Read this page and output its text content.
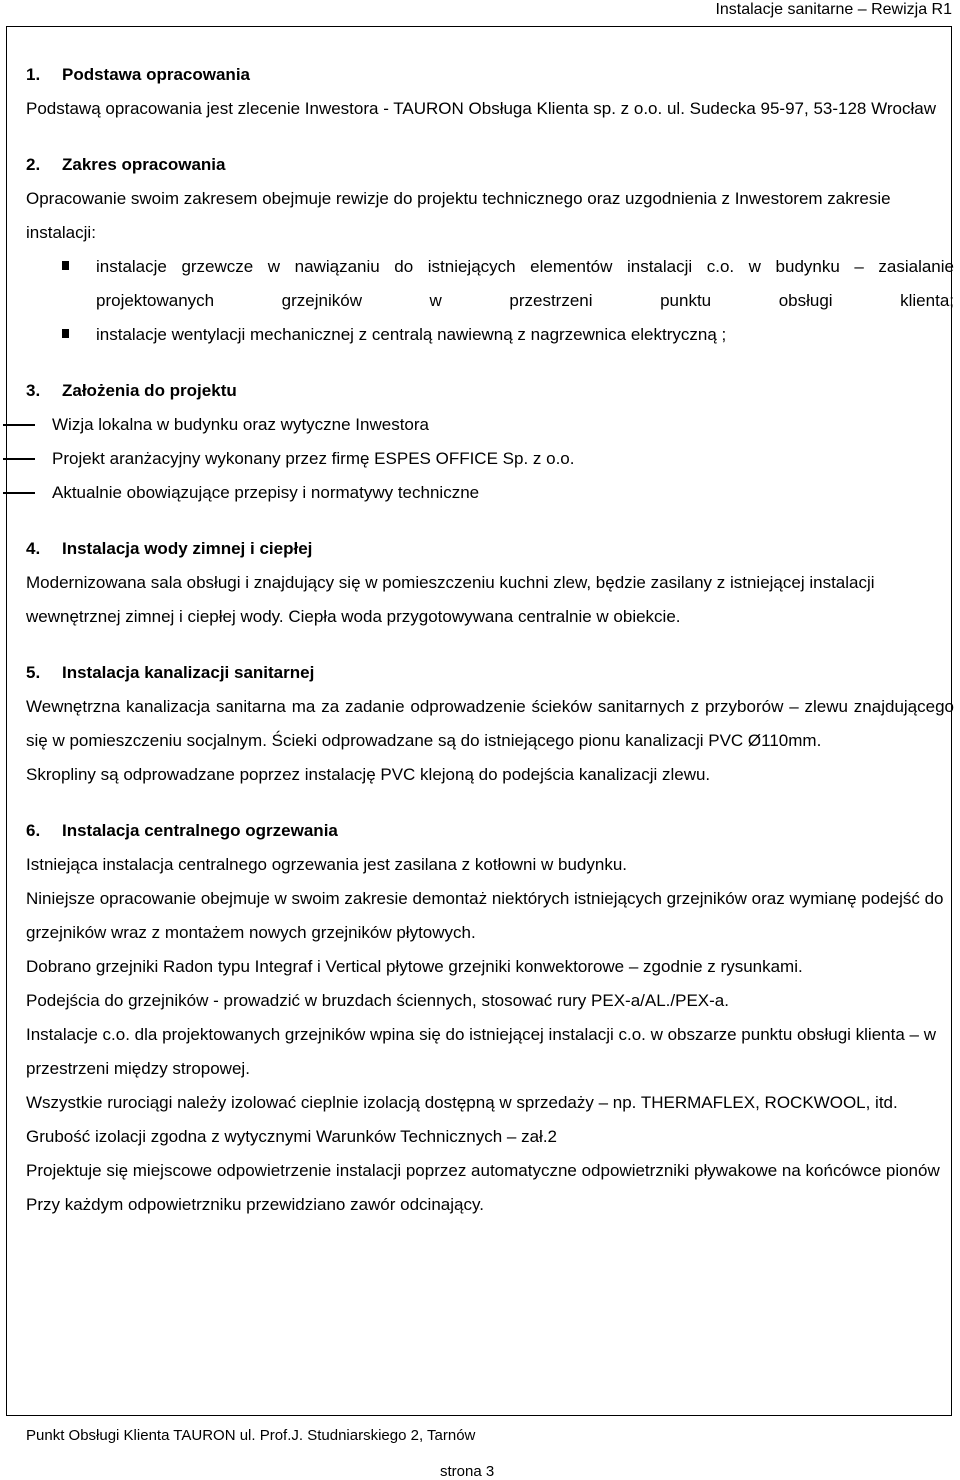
Instalacje sanitarne – Rewizja R1

1. Podstawa opracowania

Podstawą opracowania jest zlecenie Inwestora - TAURON Obsługa Klienta sp. z o.o. ul. Sudecka 95-97, 53-128 Wrocław

2. Zakres opracowania

Opracowanie swoim zakresem obejmuje rewizje do projektu technicznego oraz uzgodnienia z Inwestorem zakresie instalacji:

instalacje grzewcze w nawiązaniu do istniejących elementów instalacji c.o. w budynku – zasialanie projektowanych grzejników w przestrzeni punktu obsługi klienta;
instalacje wentylacji mechanicznej z centralą nawiewną z nagrzewnica elektryczną ;

3. Założenia do projektu

Wizja lokalna w budynku oraz wytyczne Inwestora
Projekt aranżacyjny wykonany przez firmę ESPES OFFICE Sp. z o.o.
Aktualnie obowiązujące przepisy i normatywy techniczne

4. Instalacja wody zimnej i ciepłej

Modernizowana sala obsługi i znajdujący się w pomieszczeniu kuchni zlew, będzie zasilany z istniejącej instalacji wewnętrznej zimnej i ciepłej wody. Ciepła woda przygotowywana centralnie w obiekcie.

5. Instalacja kanalizacji sanitarnej

Wewnętrzna kanalizacja sanitarna ma za zadanie odprowadzenie ścieków sanitarnych z przyborów – zlewu znajdującego się w pomieszczeniu socjalnym. Ścieki odprowadzane są do istniejącego pionu kanalizacji PVC Ø110mm.

Skropliny są odprowadzane poprzez instalację PVC klejoną do podejścia kanalizacji zlewu.

6. Instalacja centralnego ogrzewania

Istniejąca instalacja centralnego ogrzewania jest zasilana z kotłowni w budynku.

Niniejsze opracowanie obejmuje w swoim zakresie demontaż niektórych istniejących grzejników oraz wymianę podejść do grzejników wraz z montażem nowych grzejników płytowych.

Dobrano grzejniki Radon typu Integraf i Vertical płytowe grzejniki konwektorowe – zgodnie z rysunkami.

Podejścia do grzejników - prowadzić w bruzdach ściennych, stosować rury PEX-a/AL./PEX-a.

Instalacje c.o. dla projektowanych grzejników wpina się do istniejącej instalacji c.o. w obszarze punktu obsługi klienta – w przestrzeni między stropowej.

Wszystkie rurociągi należy izolować cieplnie izolacją dostępną w sprzedaży – np. THERMAFLEX, ROCKWOOL, itd.

Grubość izolacji zgodna z wytycznymi Warunków Technicznych – zał.2

Projektuje się miejscowe odpowietrzenie instalacji poprzez automatyczne odpowietrzniki pływakowe na końcówce pionów

Przy każdym odpowietrzniku przewidziano zawór odcinający.

Punkt Obsługi Klienta TAURON ul. Prof.J. Studniarskiego 2, Tarnów
strona 3
